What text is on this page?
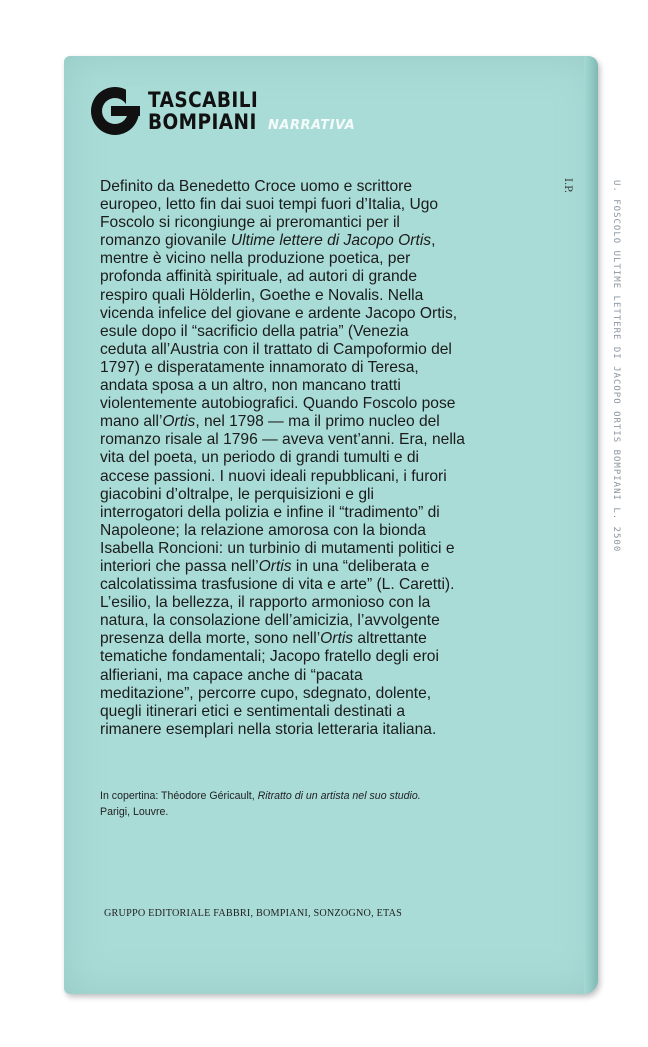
U. FOSCOLO ULTIME LETTERE DI JACOPO ORTIS BOMPIANI L. 2500
TASCABILI
BOMPIANI NARRATIVA
I.P.
Definito da Benedetto Croce uomo e scrittore
europeo, letto fin dai suoi tempi fuori d’Italia, Ugo
Foscolo si ricongiunge ai preromantici per il
romanzo giovanile Ultime lettere di Jacopo Ortis,
mentre è vicino nella produzione poetica, per
profonda affinità spirituale, ad autori di grande
respiro quali Hölderlin, Goethe e Novalis. Nella
vicenda infelice del giovane e ardente Jacopo Ortis,
esule dopo il “sacrificio della patria” (Venezia
ceduta all’Austria con il trattato di Campoformio del
1797) e disperatamente innamorato di Teresa,
andata sposa a un altro, non mancano tratti
violentemente autobiografici. Quando Foscolo pose
mano all’Ortis, nel 1798 — ma il primo nucleo del
romanzo risale al 1796 — aveva vent’anni. Era, nella
vita del poeta, un periodo di grandi tumulti e di
accese passioni. I nuovi ideali repubblicani, i furori
giacobini d’oltralpe, le perquisizioni e gli
interrogatori della polizia e infine il “tradimento” di
Napoleone; la relazione amorosa con la bionda
Isabella Roncioni: un turbinio di mutamenti politici e
interiori che passa nell’Ortis in una “deliberata e
calcolatissima trasfusione di vita e arte” (L. Caretti).
L’esilio, la bellezza, il rapporto armonioso con la
natura, la consolazione dell’amicizia, l’avvolgente
presenza della morte, sono nell’Ortis altrettante
tematiche fondamentali; Jacopo fratello degli eroi
alfieriani, ma capace anche di “pacata
meditazione”, percorre cupo, sdegnato, dolente,
quegli itinerari etici e sentimentali destinati a
rimanere esemplari nella storia letteraria italiana.
In copertina: Théodore Géricault, Ritratto di un artista nel suo studio.
Parigi, Louvre.
GRUPPO EDITORIALE FABBRI, BOMPIANI, SONZOGNO, ETAS
